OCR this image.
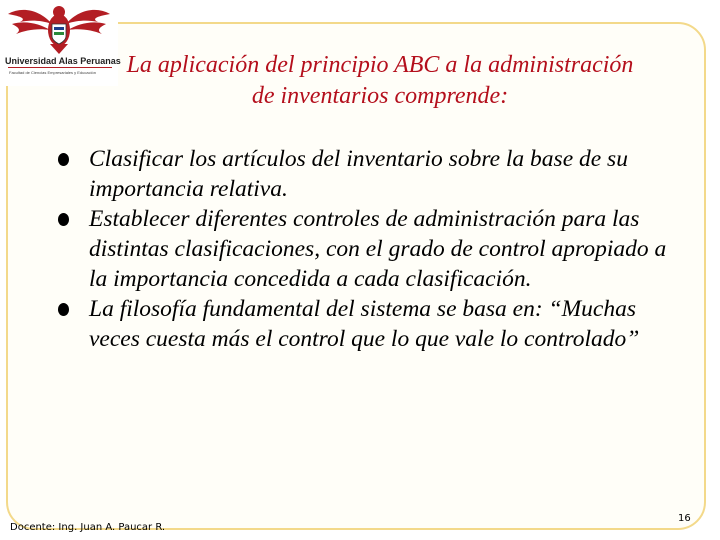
Universidad Alas Peruanas
Facultad de Ciencias Empresariales y Educación La aplicación del principio ABC a la administración de inventarios comprende:
Clasificar los artículos del inventario sobre la base de su importancia relativa.
Establecer diferentes controles de administración para las distintas clasificaciones, con el grado de control apropiado a la importancia concedida a cada clasificación.
La filosofía fundamental del sistema se basa en: “Muchas veces cuesta más el control que lo que vale lo controlado”
Docente: Ing. Juan A. Paucar R.
16
